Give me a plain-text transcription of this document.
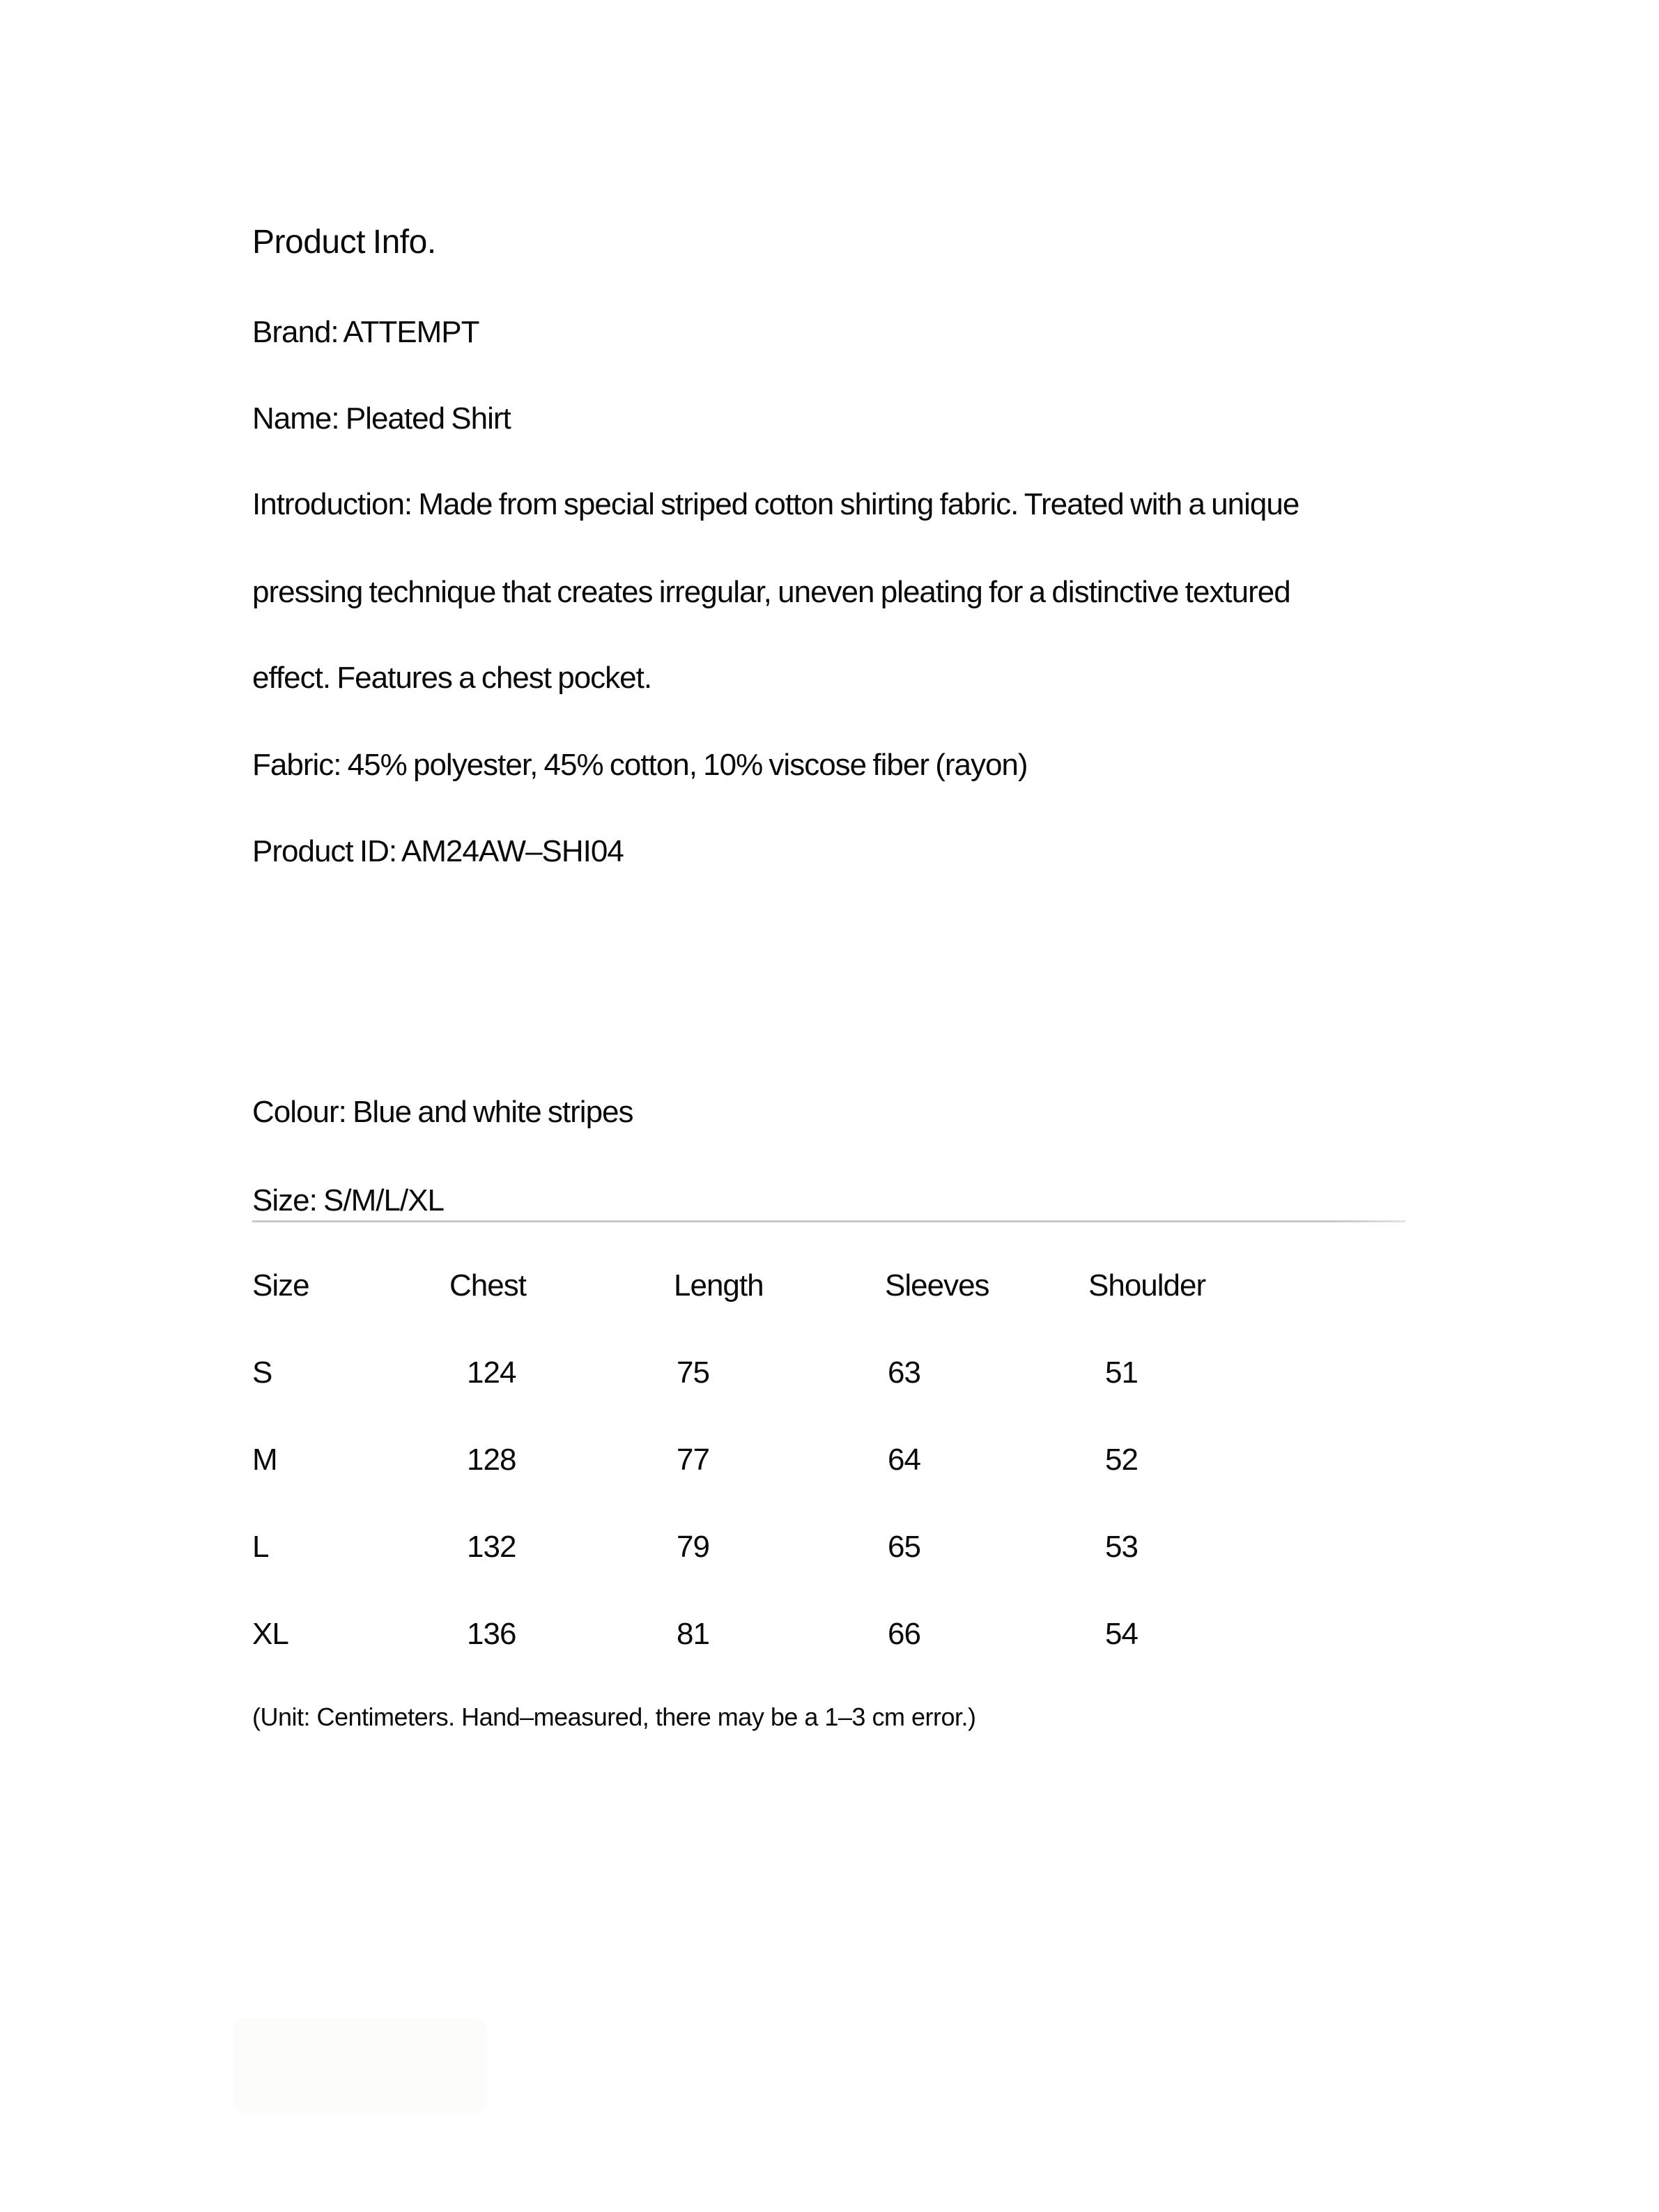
Product Info.
Brand: ATTEMPT
Name: Pleated Shirt
Introduction: Made from special striped cotton shirting fabric. Treated with a unique
pressing technique that creates irregular, uneven pleating for a distinctive textured
effect. Features a chest pocket.
Fabric: 45% polyester, 45% cotton, 10% viscose fiber (rayon)
Product ID: AM24AW–SHI04
Colour: Blue and white stripes
Size: S/M/L/XL
Size	Chest	Length	Sleeves	Shoulder
S	124	75	63	51
M	128	77	64	52
L	132	79	65	53
XL	136	81	66	54
(Unit: Centimeters. Hand–measured, there may be a 1–3 cm error.)
